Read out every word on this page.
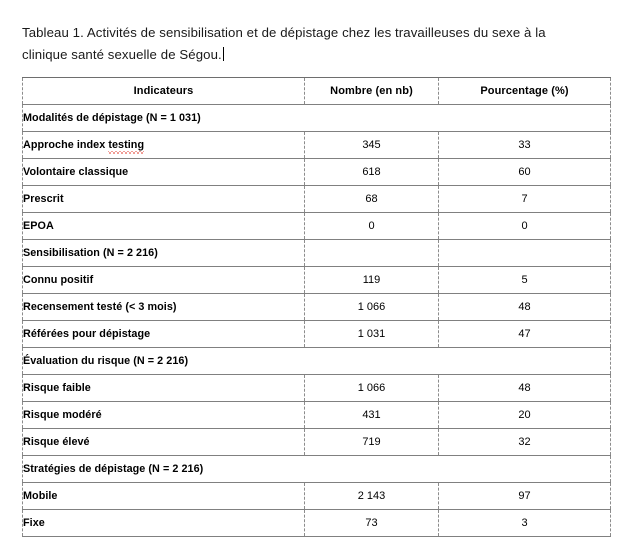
Tableau 1. Activités de sensibilisation et de dépistage chez les travailleuses du sexe à la clinique santé sexuelle de Ségou.

Indicateurs	Nombre (en nb)	Pourcentage (%)
Modalités de dépistage (N = 1 031)		
Approche index testing	345	33
Volontaire classique	618	60
Prescrit	68	7
EPOA	0	0
Sensibilisation (N = 2 216)		
Connu positif	119	5
Recensement testé (< 3 mois)	1 066	48
Référées pour dépistage	1 031	47
Évaluation du risque (N = 2 216)		
Risque faible	1 066	48
Risque modéré	431	20
Risque élevé	719	32
Stratégies de dépistage (N = 2 216)		
Mobile	2 143	97
Fixe	73	3
